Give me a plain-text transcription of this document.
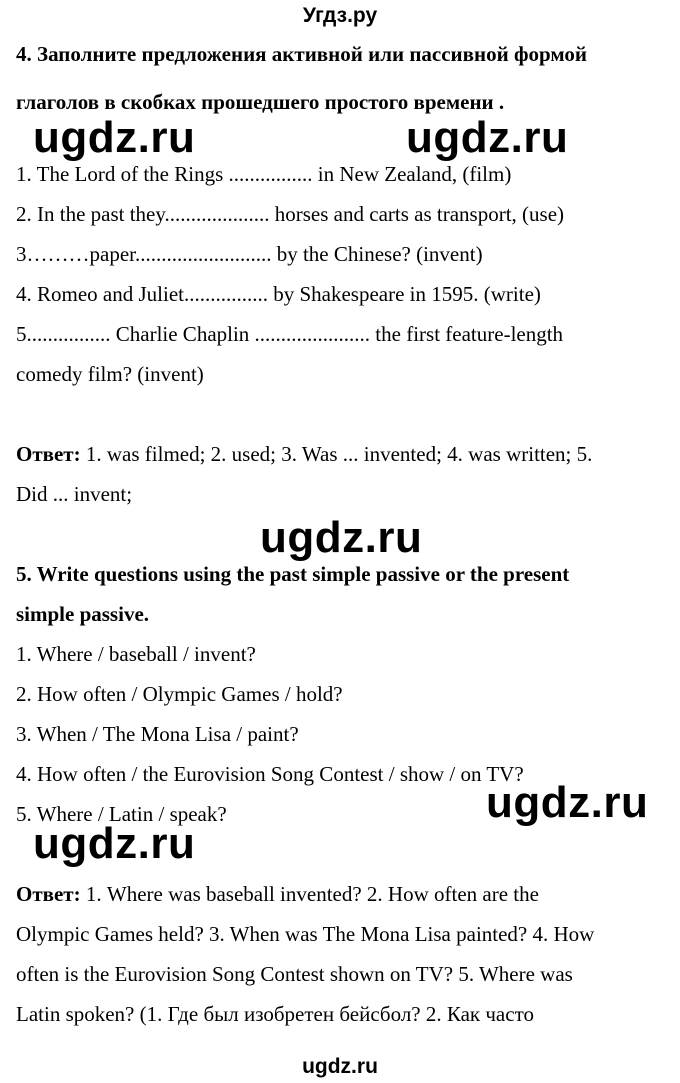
Угдз.ру
4. Заполните предложения активной или пассивной формой
глаголов в скобках прошедшего простого времени .
ugdz.ru	ugdz.ru
1. The Lord of the Rings ................ in New Zealand, (film)
2. In the past they.................... horses and carts as transport, (use)
3………paper.......................... by the Chinese? (invent)
4. Romeo and Juliet................ by Shakespeare in 1595. (write)
5................ Charlie Chaplin ...................... the first feature-length
comedy film? (invent)
Ответ: 1. was filmed; 2. used; 3. Was ... invented; 4. was written; 5.
Did ... invent;
ugdz.ru
5. Write questions using the past simple passive or the present
simple passive.
1. Where / baseball / invent?
2. How often / Olympic Games / hold?
3. When / The Mona Lisa / paint?
4. How often / the Eurovision Song Contest / show / on TV?
5. Where / Latin / speak?	ugdz.ru
ugdz.ru
Ответ: 1. Where was baseball invented? 2. How often are the
Olympic Games held? 3. When was The Mona Lisa painted? 4. How
often is the Eurovision Song Contest shown on TV? 5. Where was
Latin spoken? (1. Где был изобретен бейсбол? 2. Как часто
ugdz.ru
